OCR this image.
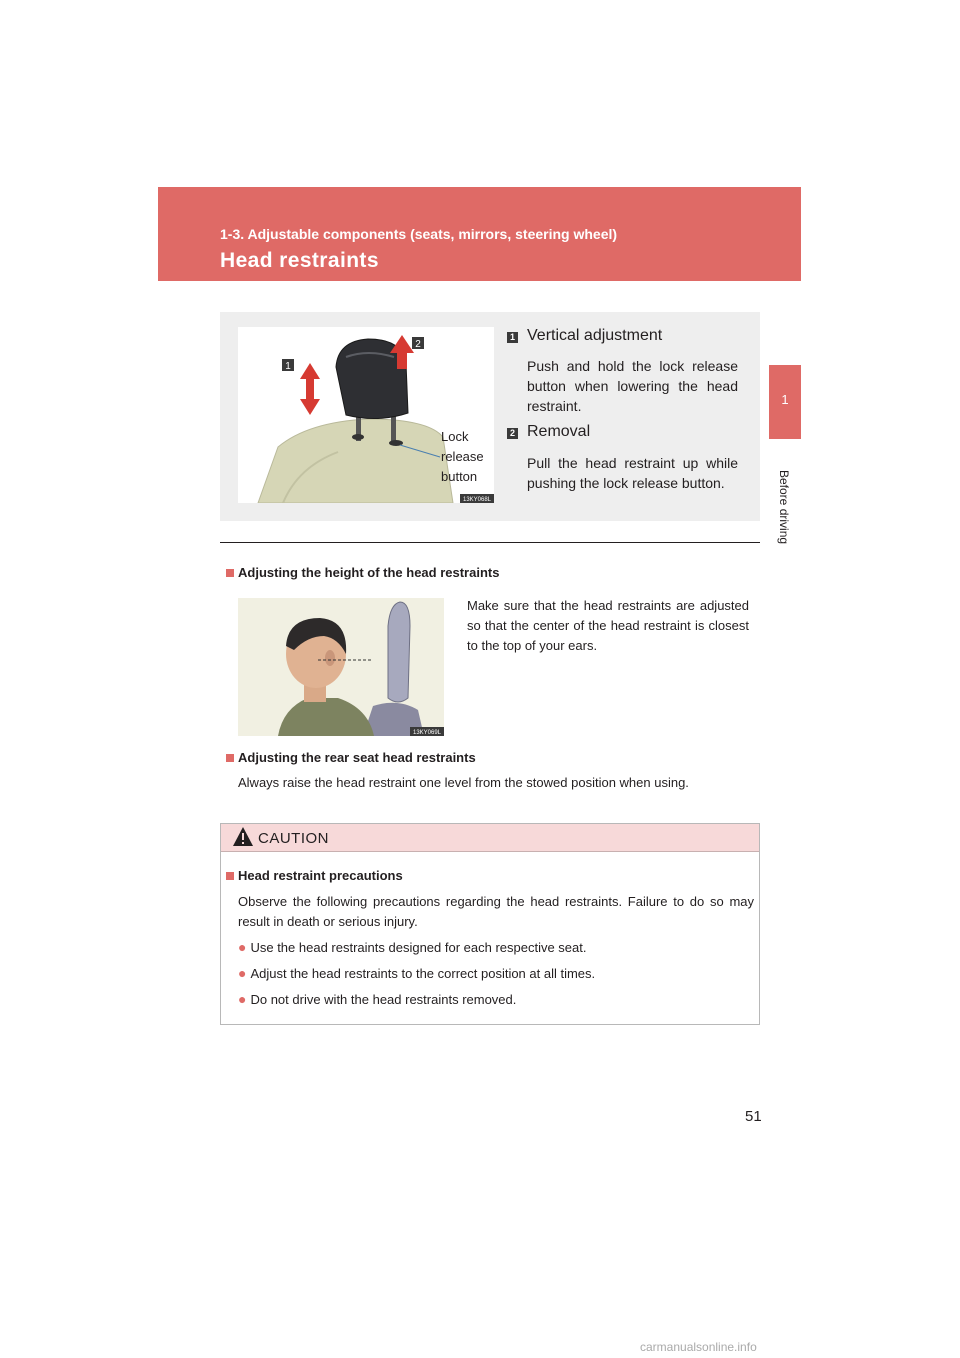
1-3. Adjustable components (seats, mirrors, steering wheel)
Head restraints
1
Before driving
1
2
Lock
release
button
13KY068L
1 Vertical adjustment
Push and hold the lock release button when lowering the head restraint.
2 Removal
Pull the head restraint up while pushing the lock release button.
Adjusting the height of the head restraints
13KY069L
Make sure that the head restraints are adjusted so that the center of the head restraint is closest to the top of your ears.
Adjusting the rear seat head restraints
Always raise the head restraint one level from the stowed position when using.
CAUTION
Head restraint precautions
Observe the following precautions regarding the head restraints. Failure to do so may result in death or serious injury.
● Use the head restraints designed for each respective seat.
● Adjust the head restraints to the correct position at all times.
● Do not drive with the head restraints removed.
51
carmanualsonline.info
